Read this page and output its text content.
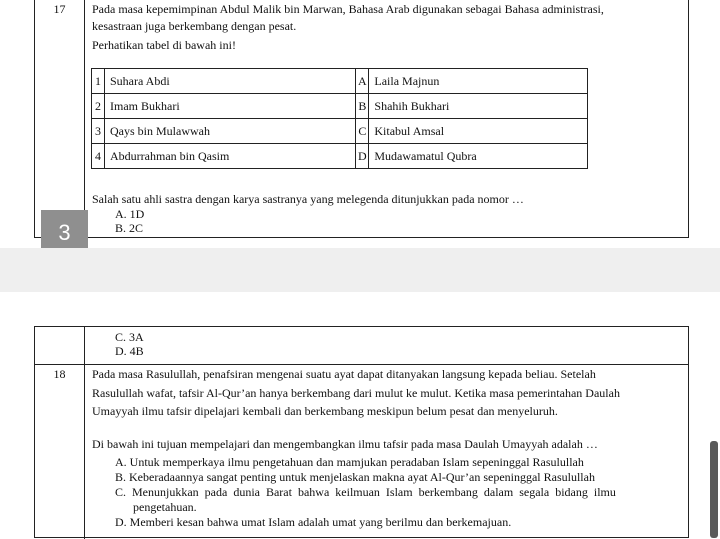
17	Pada masa kepemimpinan Abdul Malik bin Marwan, Bahasa Arab digunakan sebagai Bahasa administrasi,
kesastraan juga berkembang dengan pesat.
Perhatikan tabel di bawah ini!
1	Suhara Abdi	A	Laila Majnun
2	Imam Bukhari	B	Shahih Bukhari
3	Qays bin Mulawwah	C	Kitabul Amsal
4	Abdurrahman bin Qasim	D	Mudawamatul Qubra
Salah satu ahli sastra dengan karya sastranya yang melegenda ditunjukkan pada nomor …
A. 1D
B. 2C
3
C. 3A
D. 4B
18	Pada masa Rasulullah, penafsiran mengenai suatu ayat dapat ditanyakan langsung kepada beliau. Setelah
Rasulullah wafat, tafsir Al-Qur’an hanya berkembang dari mulut ke mulut. Ketika masa pemerintahan Daulah
Umayyah ilmu tafsir dipelajari kembali dan berkembang meskipun belum pesat dan menyeluruh.
Di bawah ini tujuan mempelajari dan mengembangkan ilmu tafsir pada masa Daulah Umayyah adalah …
A. Untuk memperkaya ilmu pengetahuan dan mamjukan peradaban Islam sepeninggal Rasulullah
B. Keberadaannya sangat penting untuk menjelaskan makna ayat Al-Qur’an sepeninggal Rasulullah
C.  Menunjukkan  pada  dunia  Barat  bahwa  keilmuan  Islam  berkembang  dalam  segala  bidang  ilmu
pengetahuan.
D. Memberi kesan bahwa umat Islam adalah umat yang berilmu dan berkemajuan.
